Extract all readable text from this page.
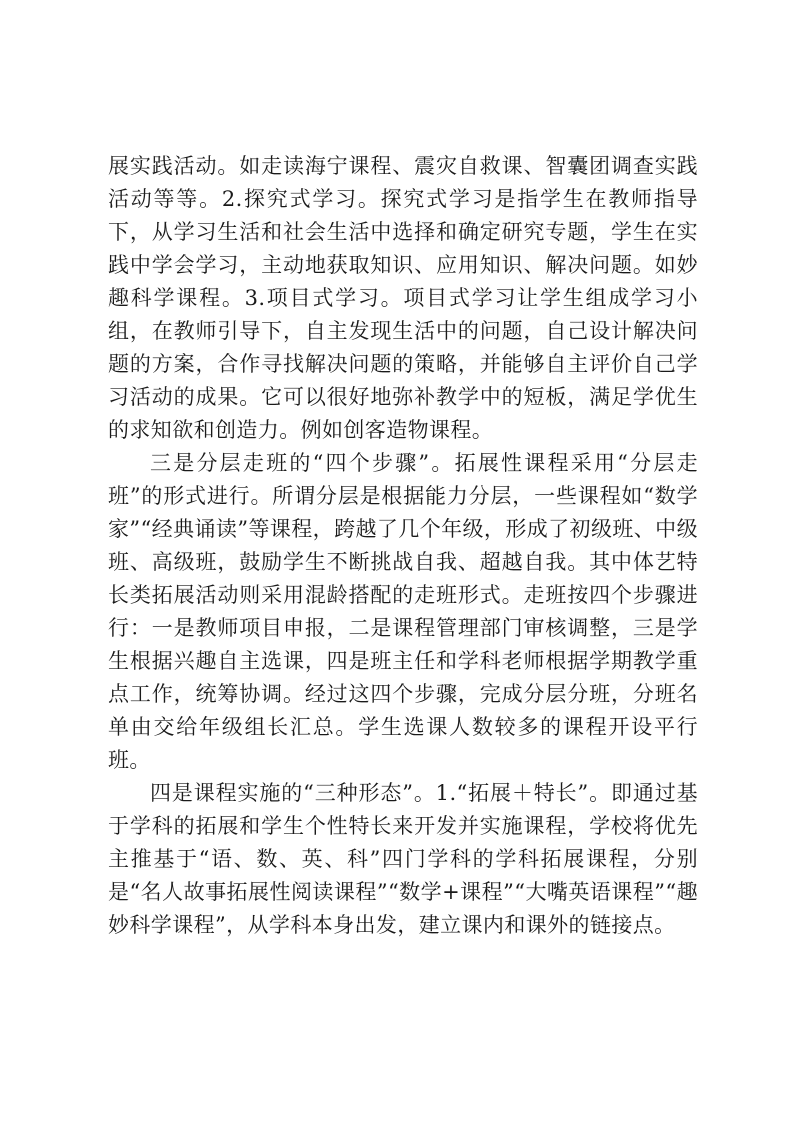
展实践活动。如走读海宁课程、震灾自救课、智囊团调查实践活动等等。2.探究式学习。探究式学习是指学生在教师指导下，从学习生活和社会生活中选择和确定研究专题，学生在实践中学会学习，主动地获取知识、应用知识、解决问题。如妙趣科学课程。3.项目式学习。项目式学习让学生组成学习小组，在教师引导下，自主发现生活中的问题，自己设计解决问题的方案，合作寻找解决问题的策略，并能够自主评价自己学习活动的成果。它可以很好地弥补教学中的短板，满足学优生的求知欲和创造力。例如创客造物课程。

三是分层走班的“四个步骤”。拓展性课程采用“分层走班”的形式进行。所谓分层是根据能力分层，一些课程如“数学家”“经典诵读”等课程，跨越了几个年级，形成了初级班、中级班、高级班，鼓励学生不断挑战自我、超越自我。其中体艺特长类拓展活动则采用混龄搭配的走班形式。走班按四个步骤进行：一是教师项目申报，二是课程管理部门审核调整，三是学生根据兴趣自主选课，四是班主任和学科老师根据学期教学重点工作，统筹协调。经过这四个步骤，完成分层分班，分班名单由交给年级组长汇总。学生选课人数较多的课程开设平行班。

四是课程实施的“三种形态”。1.“拓展＋特长”。即通过基于学科的拓展和学生个性特长来开发并实施课程，学校将优先主推基于“语、数、英、科”四门学科的学科拓展课程，分别是“名人故事拓展性阅读课程”“数学+课程”“大嘴英语课程”“趣妙科学课程”，从学科本身出发，建立课内和课外的链接点。
